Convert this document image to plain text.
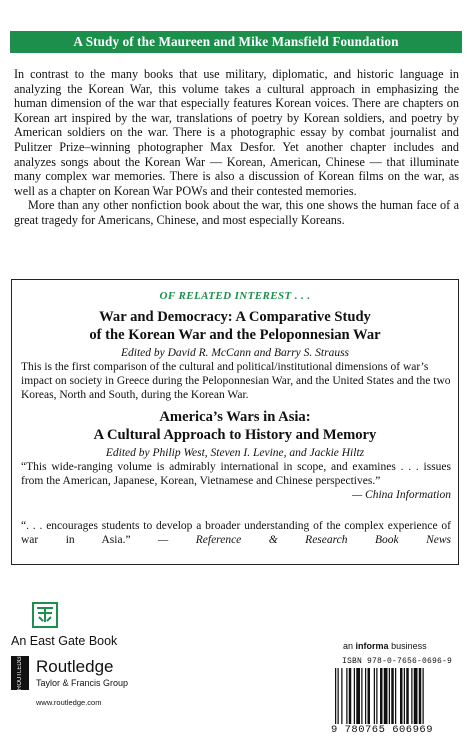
A Study of the Maureen and Mike Mansfield Foundation

In contrast to the many books that use military, diplomatic, and historic language in analyzing the Korean War, this volume takes a cultural approach in emphasizing the human dimension of the war that especially features Korean voices. There are chapters on Korean art inspired by the war, translations of poetry by Korean soldiers, and poetry by American soldiers on the war. There is a photographic essay by combat journalist and Pulitzer Prize–winning photographer Max Desfor. Yet another chapter includes and analyzes songs about the Korean War — Korean, American, Chinese — that illuminate many complex war memories. There is also a discussion of Korean films on the war, as well as a chapter on Korean War POWs and their contested memories.

More than any other nonfiction book about the war, this one shows the human face of a great tragedy for Americans, Chinese, and most especially Koreans.

OF RELATED INTEREST . . .
War and Democracy: A Comparative Study
of the Korean War and the Peloponnesian War
Edited by David R. McCann and Barry S. Strauss
This is the first comparison of the cultural and political/institutional dimensions of war’s impact on society in Greece during the Peloponnesian War, and the United States and the two Koreas, North and South, during the Korean War.
America’s Wars in Asia:
A Cultural Approach to History and Memory
Edited by Philip West, Steven I. Levine, and Jackie Hiltz
“This wide-ranging volume is admirably international in scope, and examines . . . issues from the American, Japanese, Korean, Vietnamese and Chinese perspectives.”
— China Information
“. . . encourages students to develop a broader understanding of the complex experience of war in Asia.” — Reference & Research Book News
An East Gate Book
ROUTLEDGE Routledge
Taylor & Francis Group
www.routledge.com
an informa business
ISBN 978-0-7656-0696-9
9 780765 606969
